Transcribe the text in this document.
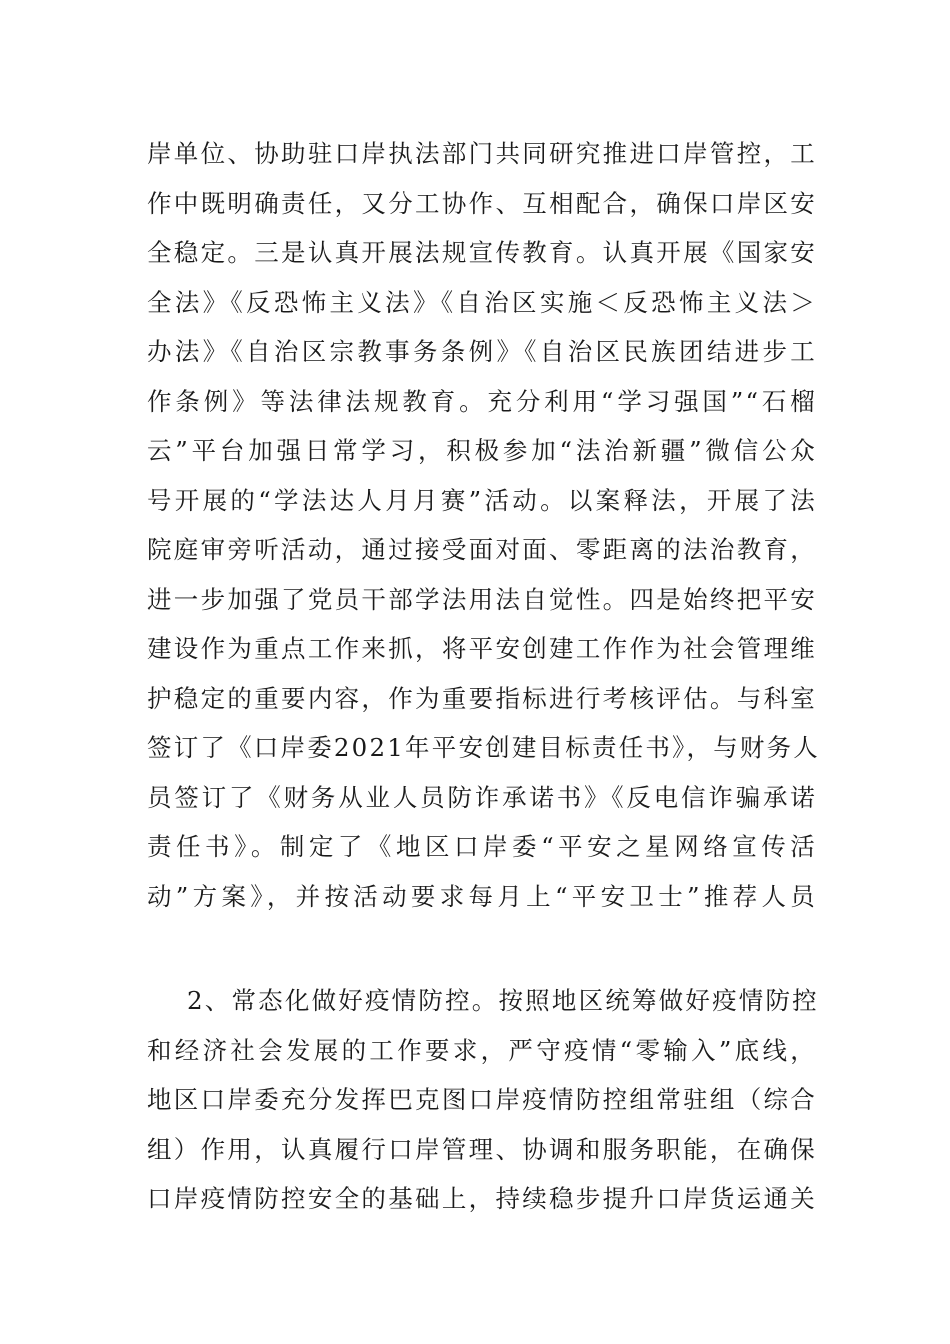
岸单位、协助驻口岸执法部门共同研究推进口岸管控，工
作中既明确责任，又分工协作、互相配合，确保口岸区安
全稳定。三是认真开展法规宣传教育。认真开展《国家安
全法》《反恐怖主义法》《自治区实施＜反恐怖主义法＞
办法》《自治区宗教事务条例》《自治区民族团结进步工
作条例》等法律法规教育。充分利用“学习强国”“石榴
云”平台加强日常学习，积极参加“法治新疆”微信公众
号开展的“学法达人月月赛”活动。以案释法，开展了法
院庭审旁听活动，通过接受面对面、零距离的法治教育，
进一步加强了党员干部学法用法自觉性。四是始终把平安
建设作为重点工作来抓，将平安创建工作作为社会管理维
护稳定的重要内容，作为重要指标进行考核评估。与科室
签订了《口岸委2021年平安创建目标责任书》，与财务人
员签订了《财务从业人员防诈承诺书》《反电信诈骗承诺
责任书》。制定了《地区口岸委“平安之星网络宣传活
动”方案》，并按活动要求每月上“平安卫士”推荐人员
2、常态化做好疫情防控。按照地区统筹做好疫情防控
和经济社会发展的工作要求，严守疫情“零输入”底线，
地区口岸委充分发挥巴克图口岸疫情防控组常驻组（综合
组）作用，认真履行口岸管理、协调和服务职能，在确保
口岸疫情防控安全的基础上，持续稳步提升口岸货运通关
